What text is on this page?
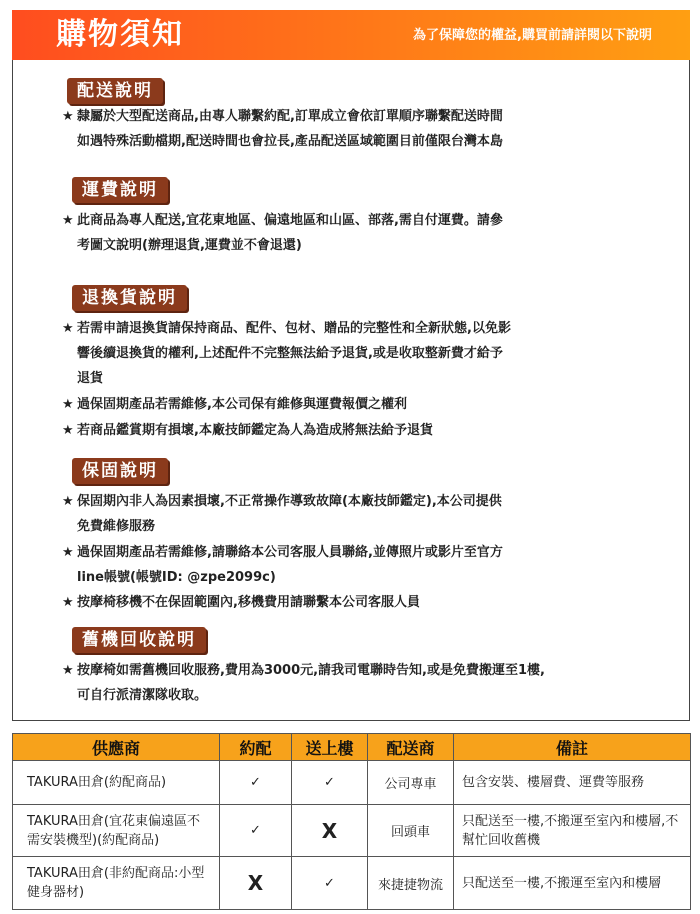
購物須知	為了保障您的權益,購買前請詳閱以下說明
配送說明
★ 隸屬於大型配送商品,由專人聯繫約配,訂單成立會依訂單順序聯繫配送時間
如遇特殊活動檔期,配送時間也會拉長,產品配送區域範圍目前僅限台灣本島
運費說明
★ 此商品為專人配送,宜花東地區、偏遠地區和山區、部落,需自付運費。請參
考圖文說明(辦理退貨,運費並不會退還)
退換貨說明
★ 若需申請退換貨請保持商品、配件、包材、贈品的完整性和全新狀態,以免影
響後續退換貨的權利,上述配件不完整無法給予退貨,或是收取整新費才給予
退貨
★ 過保固期產品若需維修,本公司保有維修與運費報價之權利
★ 若商品鑑賞期有損壞,本廠技師鑑定為人為造成將無法給予退貨
保固說明
★ 保固期內非人為因素損壞,不正常操作導致故障(本廠技師鑑定),本公司提供
免費維修服務
★ 過保固期產品若需維修,請聯絡本公司客服人員聯絡,並傳照片或影片至官方
line帳號(帳號ID: @zpe2099c)
★ 按摩椅移機不在保固範圍內,移機費用請聯繫本公司客服人員
舊機回收說明
★ 按摩椅如需舊機回收服務,費用為3000元,請我司電聯時告知,或是免費搬運至1樓,
可自行派清潔隊收取。
供應商	約配	送上樓	配送商	備註
TAKURA田倉(約配商品)	✓	✓	公司專車	包含安裝、樓層費、運費等服務
TAKURA田倉(宜花東偏遠區不需安裝機型)(約配商品)	✓	X	回頭車	只配送至一樓,不搬運至室內和樓層,不幫忙回收舊機
TAKURA田倉(非約配商品:小型健身器材)	X	✓	來捷捷物流	只配送至一樓,不搬運至室內和樓層
